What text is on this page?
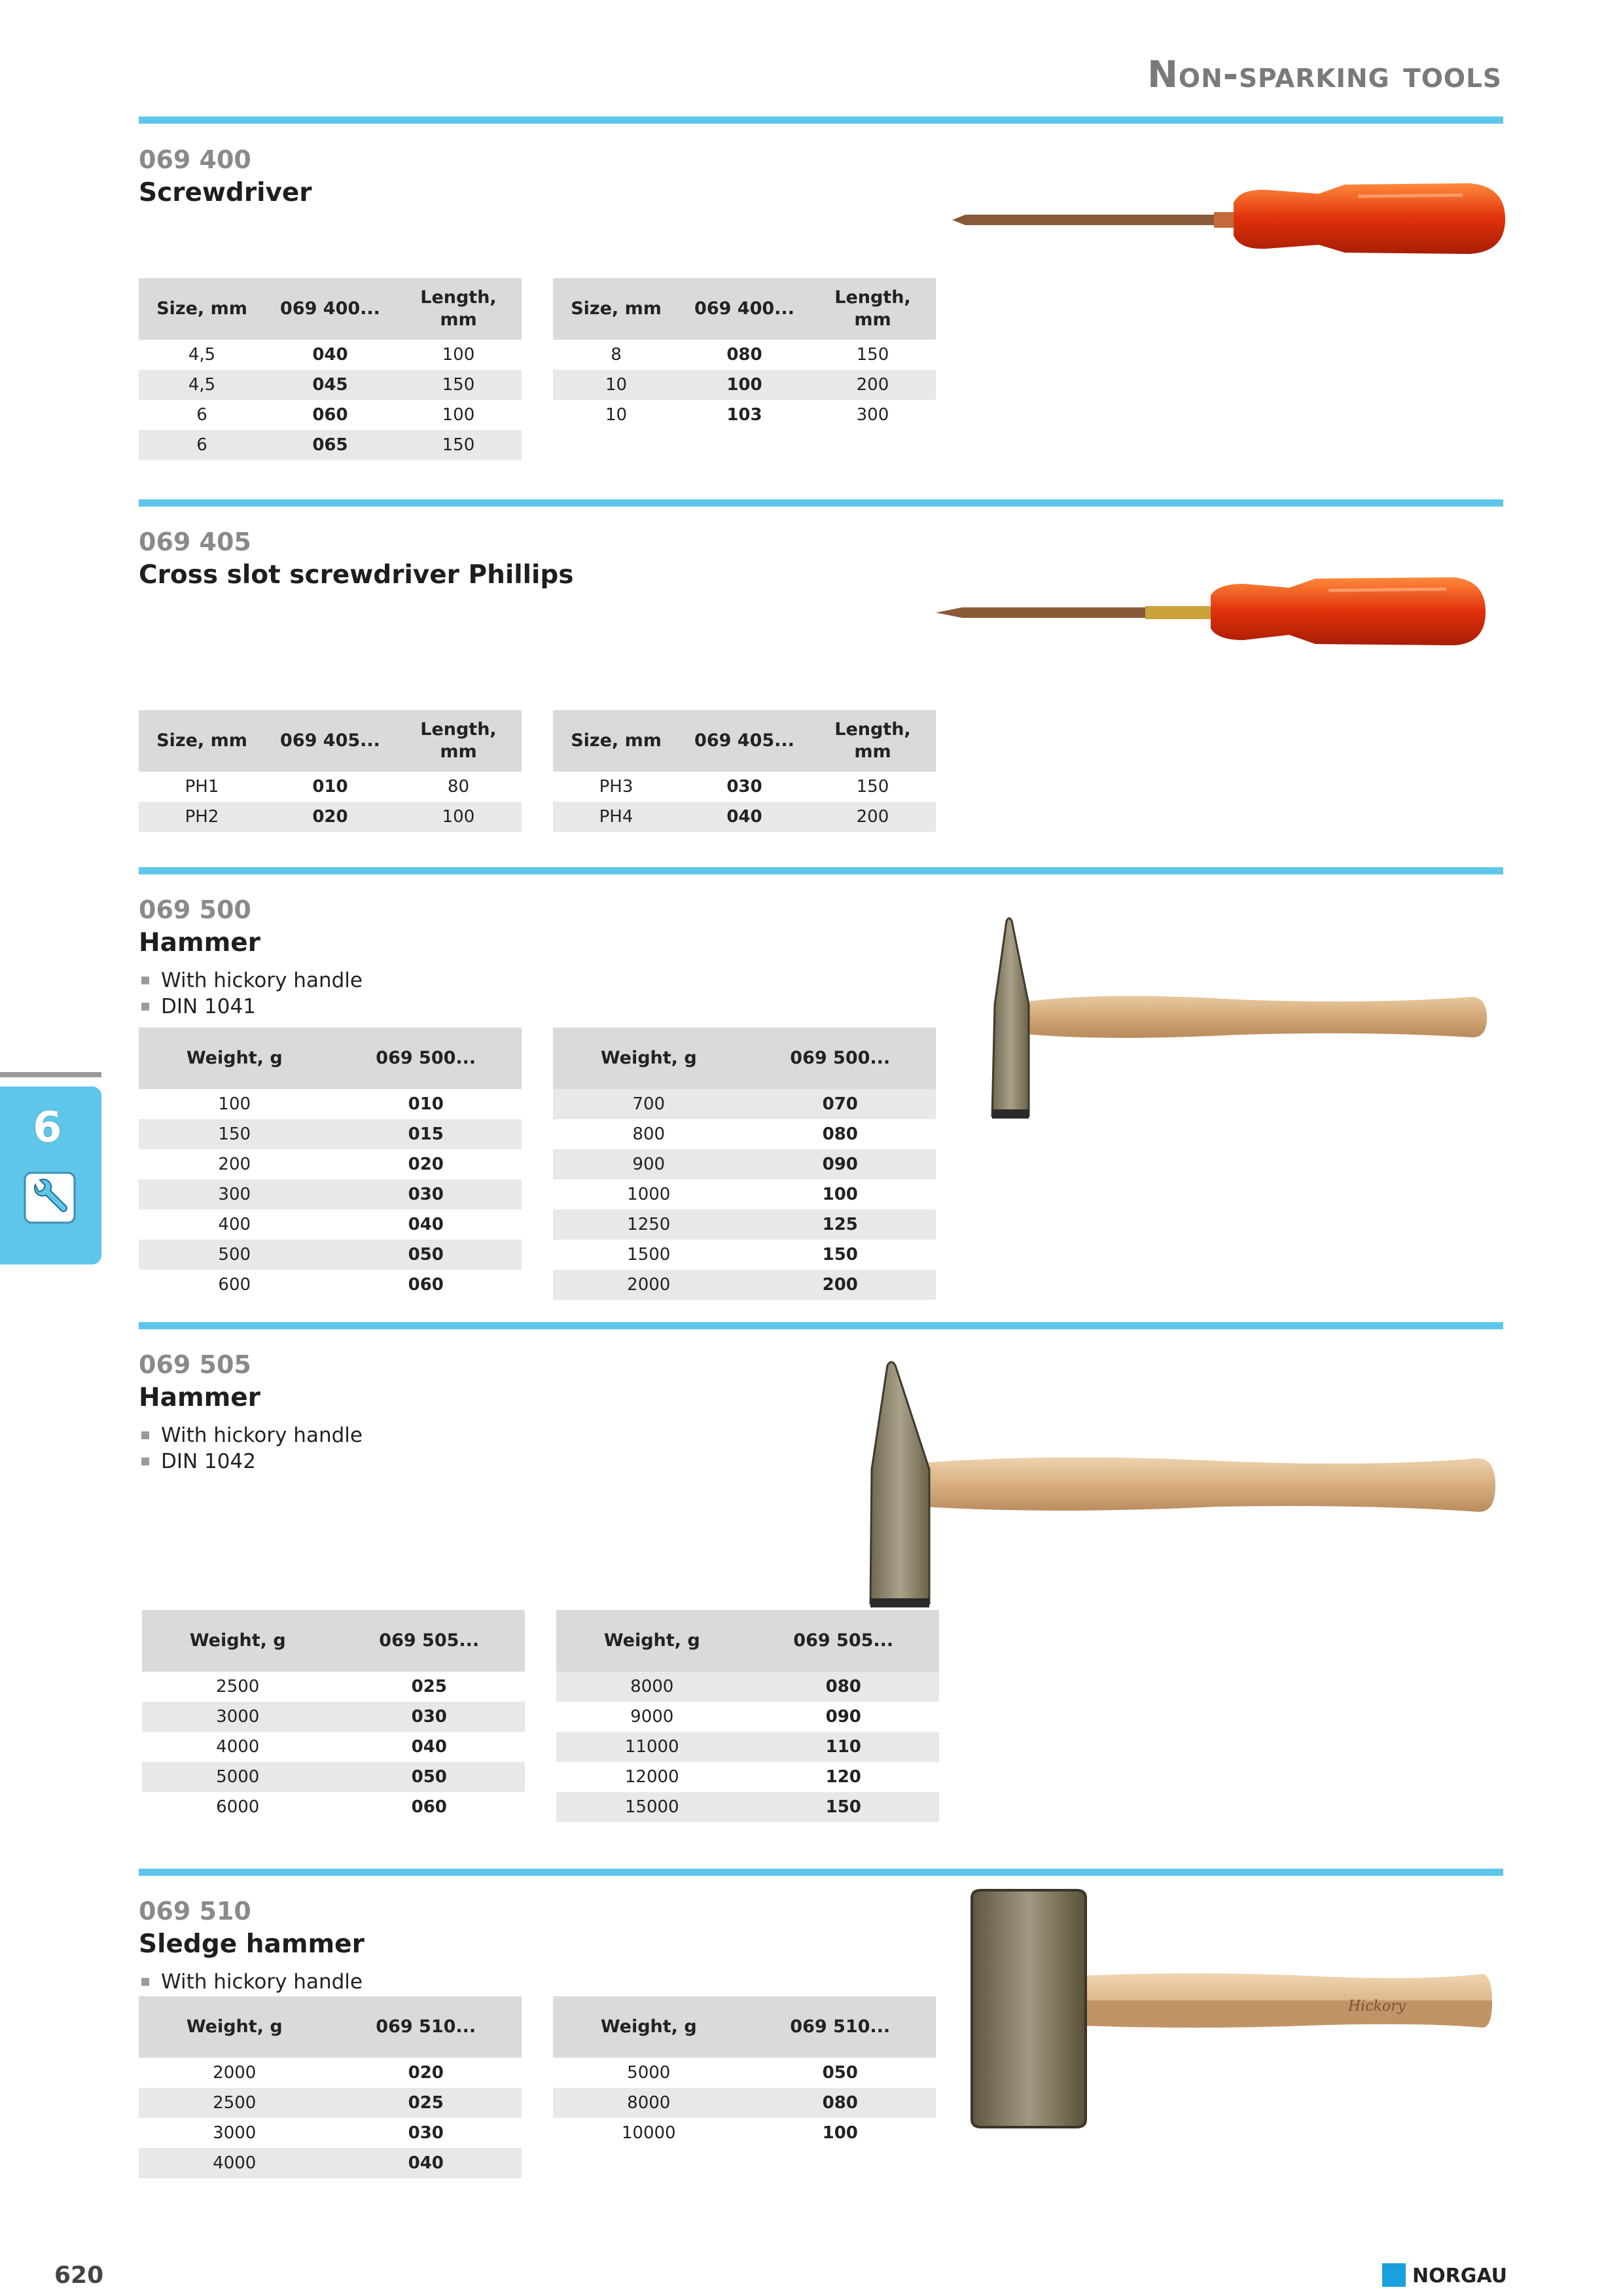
Non-sparking tools
6
069 400
Screwdriver
Size, mm	069 400...	Length, mm
4,5	040	100
4,5	045	150
6	060	100
6	065	150
Size, mm	069 400...	Length, mm
8	080	150
10	100	200
10	103	300
069 405
Cross slot screwdriver Phillips
Size, mm	069 405...	Length, mm
PH1	010	80
PH2	020	100
Size, mm	069 405...	Length, mm
PH3	030	150
PH4	040	200
069 500
Hammer
With hickory handle
DIN 1041
Weight, g	069 500...
100	010
150	015
200	020
300	030
400	040
500	050
600	060
Weight, g	069 500...
700	070
800	080
900	090
1000	100
1250	125
1500	150
2000	200
069 505
Hammer
With hickory handle
DIN 1042
Weight, g	069 505...
2500	025
3000	030
4000	040
5000	050
6000	060
Weight, g	069 505...
8000	080
9000	090
11000	110
12000	120
15000	150
069 510
Sledge hammer
With hickory handle
Hickory
Weight, g	069 510...
2000	020
2500	025
3000	030
4000	040
Weight, g	069 510...
5000	050
8000	080
10000	100
620	NORGAU
